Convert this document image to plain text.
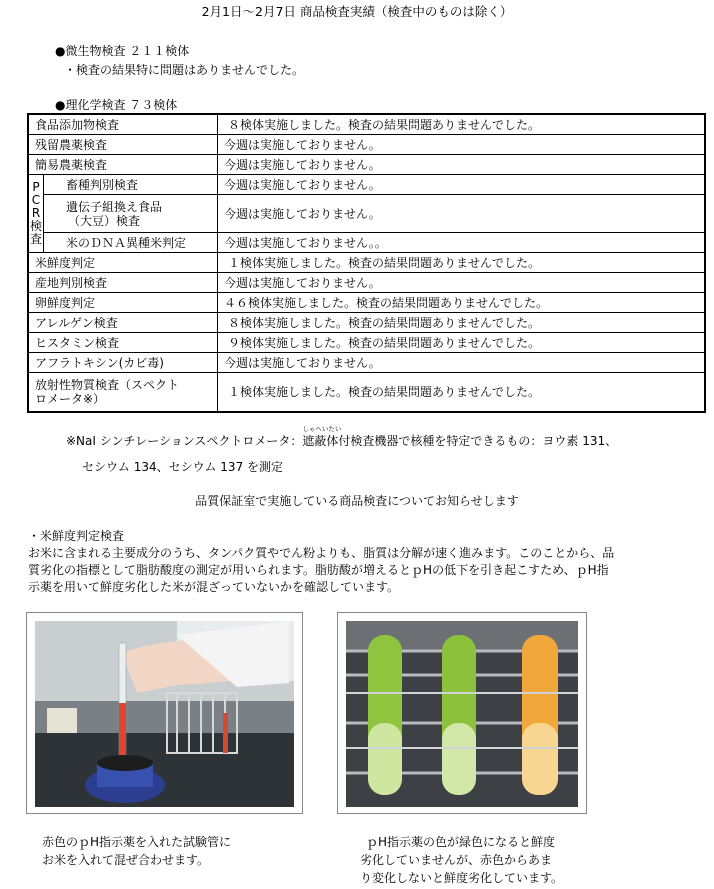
2月1日～2月7日 商品検査実績（検査中のものは除く）
●微生物検査 ２１１検体
・検査の結果特に問題はありませんでした。
●理化学検査 ７３検体
食品添加物検査		８検体実施しました。検査の結果問題ありませんでした。
残留農薬検査		今週は実施しておりません。
簡易農薬検査		今週は実施しておりません。
PCR検査	畜種判別検査	今週は実施しておりません。

	遺伝子組換え食品
（大豆）検査	今週は実施しておりません。
	米のＤＮＡ異種米判定	今週は実施しておりません。。
米鮮度判定		１検体実施しました。検査の結果問題ありませんでした。
産地判別検査		今週は実施しておりません。
卵鮮度判定		４６検体実施しました。検査の結果問題ありませんでした。
アレルゲン検査		８検体実施しました。検査の結果問題ありませんでした。
ヒスタミン検査		９検体実施しました。検査の結果問題ありませんでした。
アフラトキシン(カビ毒)		今週は実施しておりません。

放射性物質検査（スペクト
ロメータ※）		１検体実施しました。検査の結果問題ありませんでした。
※NaI シンチレーションスペクトロメータ：
しゃへいたい
遮蔽体付検査機器で核種を特定できるもの：ヨウ素 131、
セシウム 134、セシウム 137 を測定
品質保証室で実施している商品検査についてお知らせします
・米鮮度判定検査
お米に含まれる主要成分のうち、タンパク質やでん粉よりも、脂質は分解が速く進みます。このことから、品
質劣化の指標として脂肪酸度の測定が用いられます。脂肪酸が増えるとｐHの低下を引き起こすため、ｐH指
示薬を用いて鮮度劣化した米が混ざっていないかを確認しています。
赤色のｐH指示薬を入れた試験管に
お米を入れて混ぜ合わせます。
ｐH指示薬の色が緑色になると鮮度
劣化していませんが、赤色からあま
り変化しないと鮮度劣化しています。
